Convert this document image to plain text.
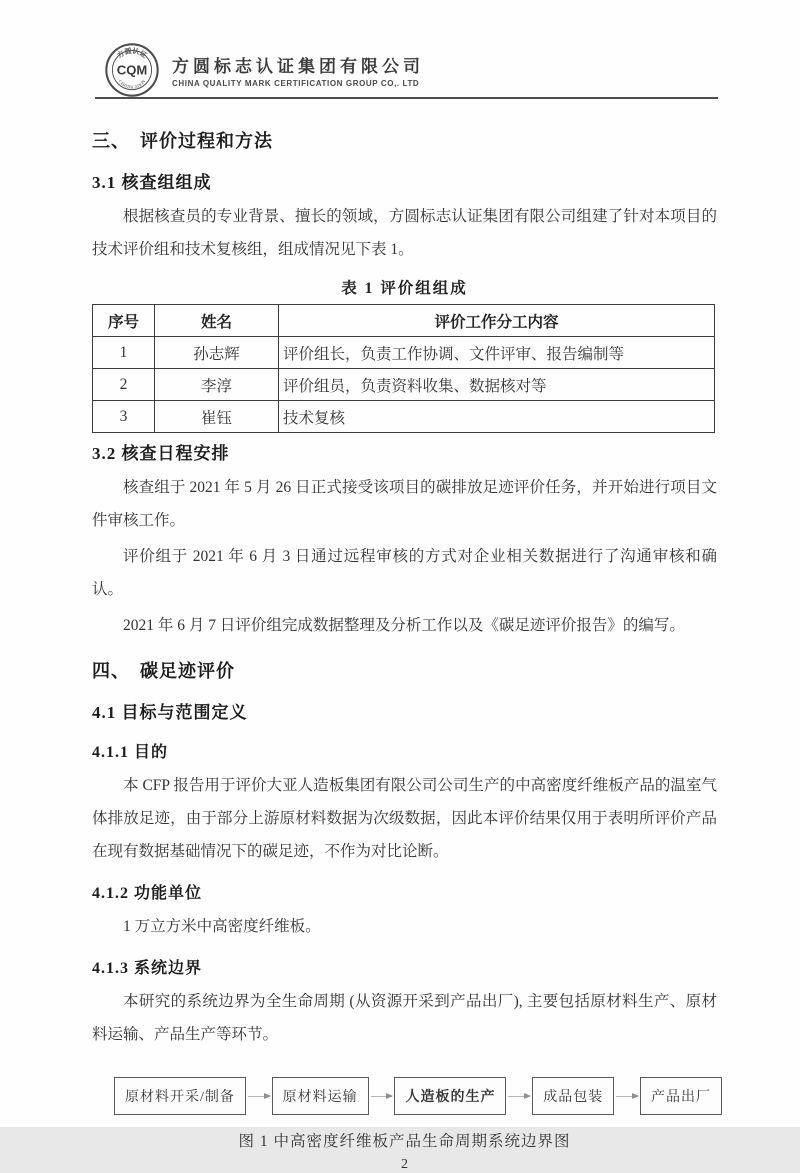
方圆认证
CQM
CERTIFICATION
方圆标志认证集团有限公司
CHINA QUALITY MARK CERTIFICATION GROUP CO,. LTD
三、　评价过程和方法
3.1 核查组组成

根据核查员的专业背景、擅长的领域，方圆标志认证集团有限公司组建了针对本项目的技术评价组和技术复核组，组成情况见下表 1。

表 1 评价组组成
序号	姓名	评价工作分工内容
1	孙志辉	评价组长，负责工作协调、文件评审、报告编制等
2	李淳	评价组员，负责资料收集、数据核对等
3	崔钰	技术复核
3.2 核查日程安排

核查组于 2021 年 5 月 26 日正式接受该项目的碳排放足迹评价任务，并开始进行项目文件审核工作。

评价组于 2021 年 6 月 3 日通过远程审核的方式对企业相关数据进行了沟通审核和确认。

2021 年 6 月 7 日评价组完成数据整理及分析工作以及《碳足迹评价报告》的编写。

四、　碳足迹评价
4.1 目标与范围定义
4.1.1 目的

本 CFP 报告用于评价大亚人造板集团有限公司公司生产的中高密度纤维板产品的温室气体排放足迹，由于部分上游原材料数据为次级数据，因此本评价结果仅用于表明所评价产品在现有数据基础情况下的碳足迹，不作为对比论断。

4.1.2 功能单位

1 万立方米中高密度纤维板。

4.1.3 系统边界

本研究的系统边界为全生命周期 (从资源开采到产品出厂), 主要包括原材料生产、原材料运输、产品生产等环节。

原材料开采/制备	原材料运输	人造板的生产	成品包装	产品出厂
图 1 中高密度纤维板产品生命周期系统边界图
2
